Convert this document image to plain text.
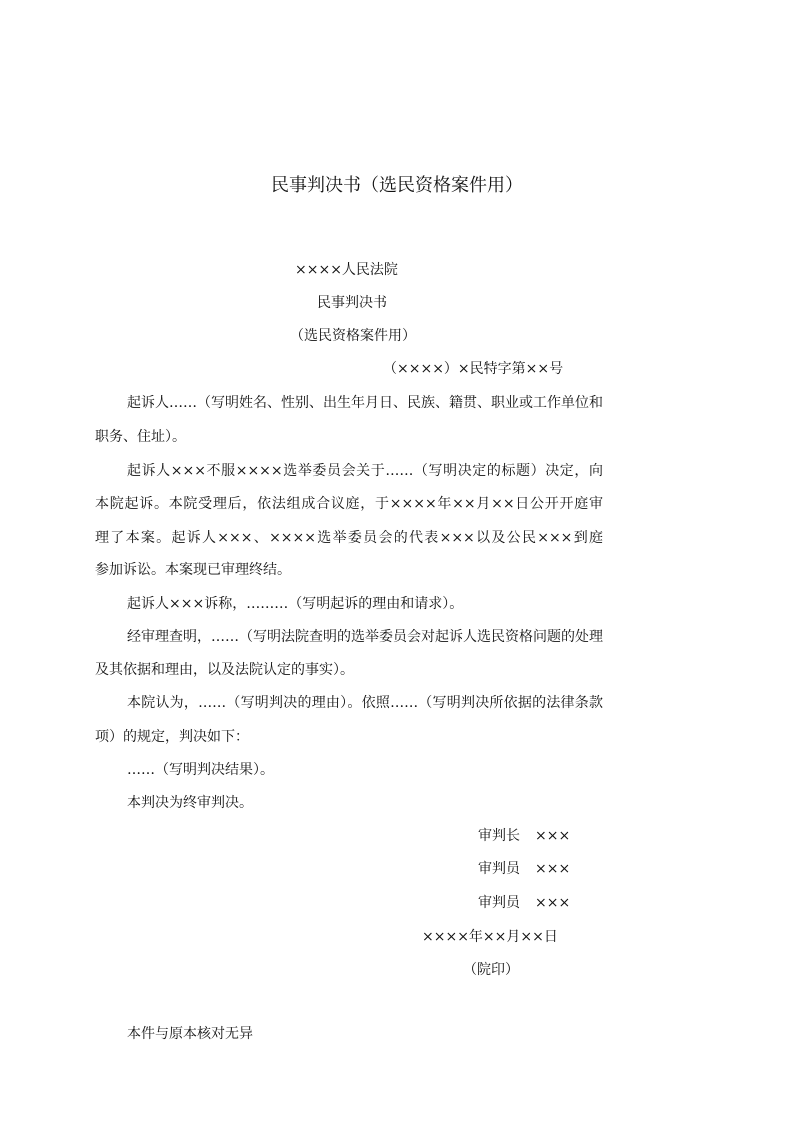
民事判决书（选民资格案件用）
××××人民法院
民事判决书
（选民资格案件用）
（××××）×民特字第××号
起诉人……（写明姓名、性别、出生年月日、民族、籍贯、职业或工作单位和
职务、住址）。
起诉人×××不服××××选举委员会关于……（写明决定的标题）决定，向
本院起诉。本院受理后，依法组成合议庭，于××××年××月××日公开开庭审
理了本案。起诉人×××、××××选举委员会的代表×××以及公民×××到庭
参加诉讼。本案现已审理终结。
起诉人×××诉称，………（写明起诉的理由和请求）。
经审理查明，……（写明法院查明的选举委员会对起诉人选民资格问题的处理
及其依据和理由，以及法院认定的事实）。
本院认为，……（写明判决的理由）。依照……（写明判决所依据的法律条款
项）的规定，判决如下：
……（写明判决结果）。
本判决为终审判决。
审判长 ×××
审判员 ×××
审判员 ×××
××××年××月××日
（院印）
本件与原本核对无异
